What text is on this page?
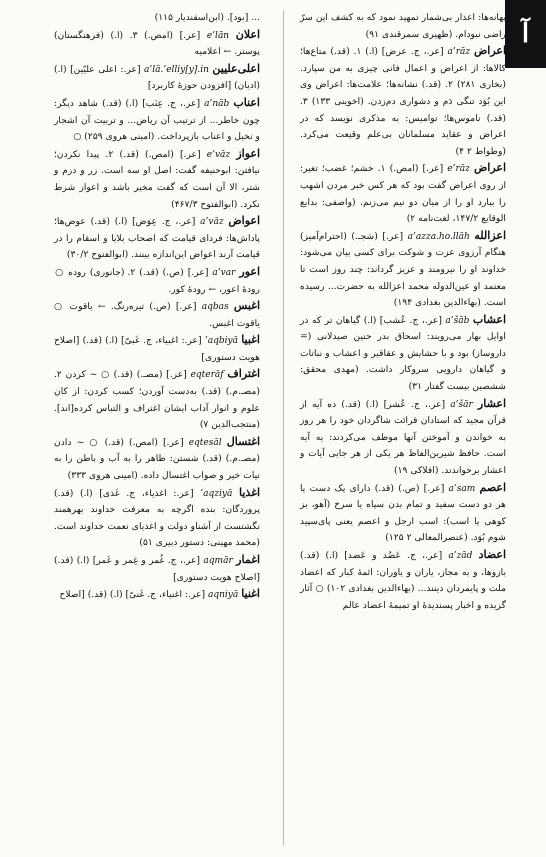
آ
بهانه‌ها: اعذار بی‌شمار تمهید نمود که به کشف این سرّ راضی نبود‌ام. (ظهیری سمرقندی ۹۱)
اعراض a’rāz [عر.، ج. عرض] (ا.) ۱. (قد.) متاع‌ها؛ کالاها: از اعراض و اعمال فانی چیزی به من سپارد. (بخاری ۲۸۱) ۲. (قد.) نشانه‌ها؛ علامت‌ها: اعراض وی این بُوَد تنگی دَم و دشواری دم‌زدن. (اخوینی ۱۳۳) ۳. (قد.) ناموس‌ها؛ نوامیس: به مذکری نویسد که در اعراض و عقاید مسلمانان بی‌علم وقیعت می‌کرد. (وطواط ۲ ۴)
اعراض e’rāz [عر.] (امص.) ۱. خشم؛ غضب؛ تغیر: از روی اعراض گفت بود که هر کس خبر مردن اشهب را بیارد او را از میان دو نیم می‌زنم. (واصفی: بدایع الوقایع ۱۴۷/۲، لغت‌نامه ۲)
اعزالله a’azza.ho.llāh [عر.] (شجـ.) (احترام‌آمیز) هنگام آرزوی عزت و شوکت برای کسی بیان می‌شود: خداوند او را نیرومند و عزیز گرداند: چند روز است تا معتمد او عین‌الدوله محمد اعزالله به حضرت... رسیده است. (بهاءالدین بغدادی ۱۹۴)
اعشاب a’šāb [عر.، ج. عُشب] (ا.) گیاهان تر که در اوایل بهار می‌رویند: اسحاق بدر حنین صیدلانی (= داروساز) بود و با حشایش و عقاقیر و اعشاب و نباتات و گیاهان دارویی سروکار داشت. (مهدی محقق: ششصین بیست گفتار ۳۱)
اعشار a’šār [عر.، ج. عُشر] (ا.) (قد.) ده آیه از قرآن مجید که استادان قرائت شاگردان خود را هر روز به خواندن و آموختن آنها موظف می‌کردند: یه آیه است. حافظ شیرین‌الفاظ هر یکی از هر جایی آیات و اعشار برخواندند. (افلاکی ۱۹)
اعصم a’sam [عر.] (ص.) (قد.) دارای یک دست یا هر دو دست سفید و تمام بدن سیاه یا سرخ (آهو، بز کوهی یا اسب): اسب ارجل و اعصم یعنی پای‌سپید شوم بُوَد. (عنصرالمعالی ۲ ۱۲۵)
اعضاد a’zād [عر.، ج. عَضُد و عَضد] (ا.) (قد.) بازوها، و به مجاز، یاران و یاوران: ائمهٔ کبار که اعضاد ملت و پایمردان دینند... (بهاءالدین بغدادی ۱۰۲) ○ آثار گزیده و اخبار پسندیدهٔ او تمیمهٔ اعضاد عالم
... [بود]. (ابن‌اسفندیار ۱۱۵)
اعلان e’lān [عر.] (امص.) ۳. (ا.) (فرهنگستان) پوستر. ← اعلامیه
اعلی‌علیین a’lā.’elliy[y].in [عر.: اعلی علیّین] (ا.) (ادیان) [افزودن حوزهٔ کاربرد]
اعناب a’nāb [عر.، ج. عِنَب] (ا.) (قد.) شاهد دیگر: چون خاطر... از ترتیب آن ریاض... و تربیت آن اشجار و نخیل و اعناب بازپرداخت. (امینی هروی ۲۵۹) ○
اعواز e’vāz [عر.] (امص.) (قد.) ۲. پیدا نکردن؛ نیافتن: ابوحنیفه گفت: اصل او سه است. زر و درم و شتر، الا آن است که گفت مخیر باشد و اعواز شرط نکرد. (ابوالفتوح ۴۶۷/۳)
اعواض a’vāz [عر.، ج. عِوَض] (ا.) (قد.) عوض‌ها؛ پاداش‌ها: فردای قیامت که اصحاب بلایا و اسقام را در قیامت آرند اعواض این‌اندازه بینند. (ابوالفتوح ۳۰/۲)
اعور a’var [عر.] (ص.) (قد.) ۲. (جانوری) روده ○ رودهٔ اعور، ← رودهٔ کور.
اغبس aqbas [عر.] (ص.) تیره‌رنگ. ← یاقوت ○ یاقوت اغبس.
اغبیا ’aqbiyā [عر.: اغبیاء، ج. غَبیّ] (ا.) (قد.) [اصلاح هویت دستوری]
اغتراف eqterāf [عر.] (مصـ.) (قد.) ○ ~ کردن ۲. (مصـ.م.) (قد.) به‌دست آوردن؛ کسب کردن: از کان علوم و انوار آداب ایشان اغتراف و التباس کرده‌[اند]. (منتجب‌الدین ۷)
اغتسال eqtesāl [عر.] (امص.) (قد.) ○ ~ دادن (مصـ.م.) (قد.) شستن: ظاهر را به آب و باطن را به نیات خیر و صواب اغتسال داده. (امینی هروی ۳۳۳)
اغذیا ’aqziyā [عر.: اغذیاء، ج. غَذی] (ا.) (قد.) پروردگان: بنده اگرچه به معرفت خداوند بهرهمند نگشتست از آشناو دولت و اغذیای نعمت خداوند است. (محمد مهینی: دستور دبیری ۵۱)
اغمار aqmār [عر.، ج. غُمر و غِمر و غَمر] (ا.) (قد.) [اصلاح هویت دستوری]
اغنیا aqniyā [عر.: اغنیاء، ج. غَنیّ] (ا.) (قد.) [اصلاح
